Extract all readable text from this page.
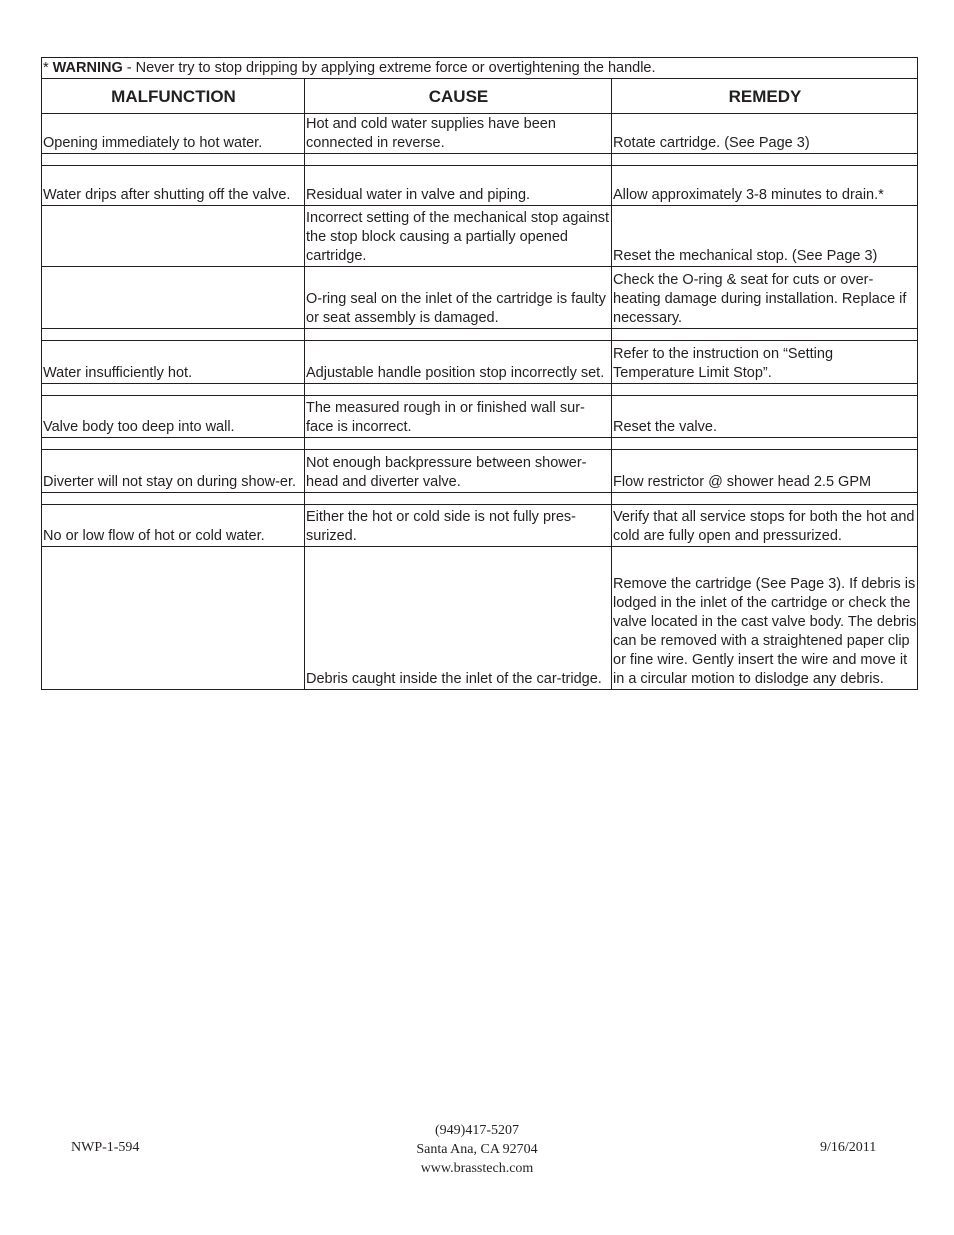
* WARNING - Never try to stop dripping by applying extreme force or overtightening the handle.		
MALFUNCTION	CAUSE	REMEDY
Opening immediately to hot water.	Hot and cold water supplies have been connected in reverse.	Rotate cartridge. (See Page 3)

Water drips after shutting off the valve.	Residual water in valve and piping.	Allow approximately 3-8 minutes to drain.*
	Incorrect setting of the mechanical stop against the stop block causing a partially opened cartridge.	Reset the mechanical stop. (See Page 3)
	O-ring seal on the inlet of the cartridge is faulty or seat assembly is damaged.	Check the O-ring & seat for cuts or over-heating damage during installation. Replace if necessary.

Water insufficiently hot.	Adjustable handle position stop incorrectly set.	Refer to the instruction on “Setting Temperature Limit Stop”.

Valve body too deep into wall.	The measured rough in or finished wall sur-face is incorrect.	Reset the valve.

Diverter will not stay on during show-er.	Not enough backpressure between shower-head and diverter valve.	Flow restrictor @ shower head 2.5 GPM

No or low flow of hot or cold water.	Either the hot or cold side is not fully pres-surized.	Verify that all service stops for both the hot and cold are fully open and pressurized.
	Debris caught inside the inlet of the car-tridge.	Remove the cartridge (See Page 3). If debris is lodged in the inlet of the cartridge or check the valve located in the cast valve body. The debris can be removed with a straightened paper clip or fine wire. Gently insert the wire and move it in a circular motion to dislodge any debris.
NWP-1-594
(949)417-5207
Santa Ana, CA 92704
www.brasstech.com
9/16/2011
